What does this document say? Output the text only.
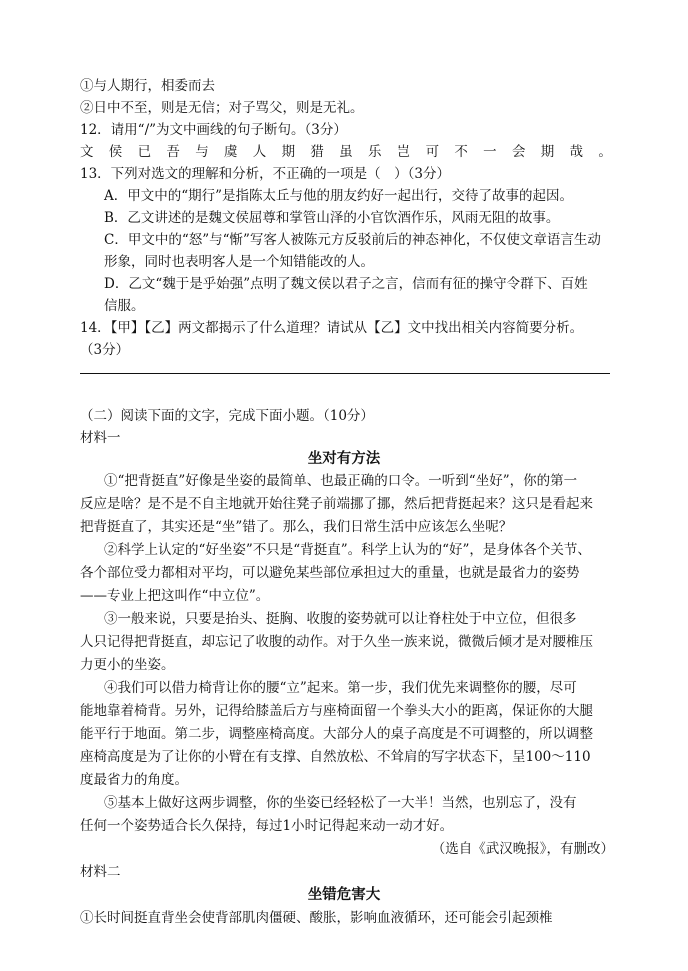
①与人期行，相委而去
②日中不至，则是无信；对子骂父，则是无礼。
12．请用“/”为文中画线的句子断句。（3分）
文 侯 已 吾 与 虞 人 期 猎 虽 乐 岂 可 不 一 会 期 哉 。
13．下列对选文的理解和分析，不正确的一项是（　）（3分）
A．甲文中的“期行”是指陈太丘与他的朋友约好一起出行，交待了故事的起因。
B．乙文讲述的是魏文侯屈尊和掌管山泽的小官饮酒作乐，风雨无阻的故事。
C．甲文中的“怒”与“惭”写客人被陈元方反驳前后的神态神化，不仅使文章语言生动
形象，同时也表明客人是一个知错能改的人。
D．乙文“魏于是乎始强”点明了魏文侯以君子之言，信而有征的操守令群下、百姓
信服。
14．【甲】【乙】两文都揭示了什么道理？请试从【乙】文中找出相关内容简要分析。
（3分）
（二）阅读下面的文字，完成下面小题。（10分）
材料一
坐对有方法
①“把背挺直”好像是坐姿的最简单、也最正确的口令。一听到“坐好”，你的第一
反应是啥？是不是不自主地就开始往凳子前端挪了挪，然后把背挺起来？这只是看起来
把背挺直了，其实还是“坐”错了。那么，我们日常生活中应该怎么坐呢？
②科学上认定的“好坐姿”不只是“背挺直”。科学上认为的“好”，是身体各个关节、
各个部位受力都相对平均，可以避免某些部位承担过大的重量，也就是最省力的姿势
——专业上把这叫作“中立位”。
③一般来说，只要是抬头、挺胸、收腹的姿势就可以让脊柱处于中立位，但很多
人只记得把背挺直，却忘记了收腹的动作。对于久坐一族来说，微微后倾才是对腰椎压
力更小的坐姿。
④我们可以借力椅背让你的腰“立”起来。第一步，我们优先来调整你的腰，尽可
能地靠着椅背。另外，记得给膝盖后方与座椅面留一个拳头大小的距离，保证你的大腿
能平行于地面。第二步，调整座椅高度。大部分人的桌子高度是不可调整的，所以调整
座椅高度是为了让你的小臂在有支撑、自然放松、不耸肩的写字状态下，呈100～110
度最省力的角度。
⑤基本上做好这两步调整，你的坐姿已经轻松了一大半！当然，也别忘了，没有
任何一个姿势适合长久保持，每过1小时记得起来动一动才好。
（选自《武汉晚报》，有删改）
材料二
坐错危害大
①长时间挺直背坐会使背部肌肉僵硬、酸胀，影响血液循环，还可能会引起颈椎
